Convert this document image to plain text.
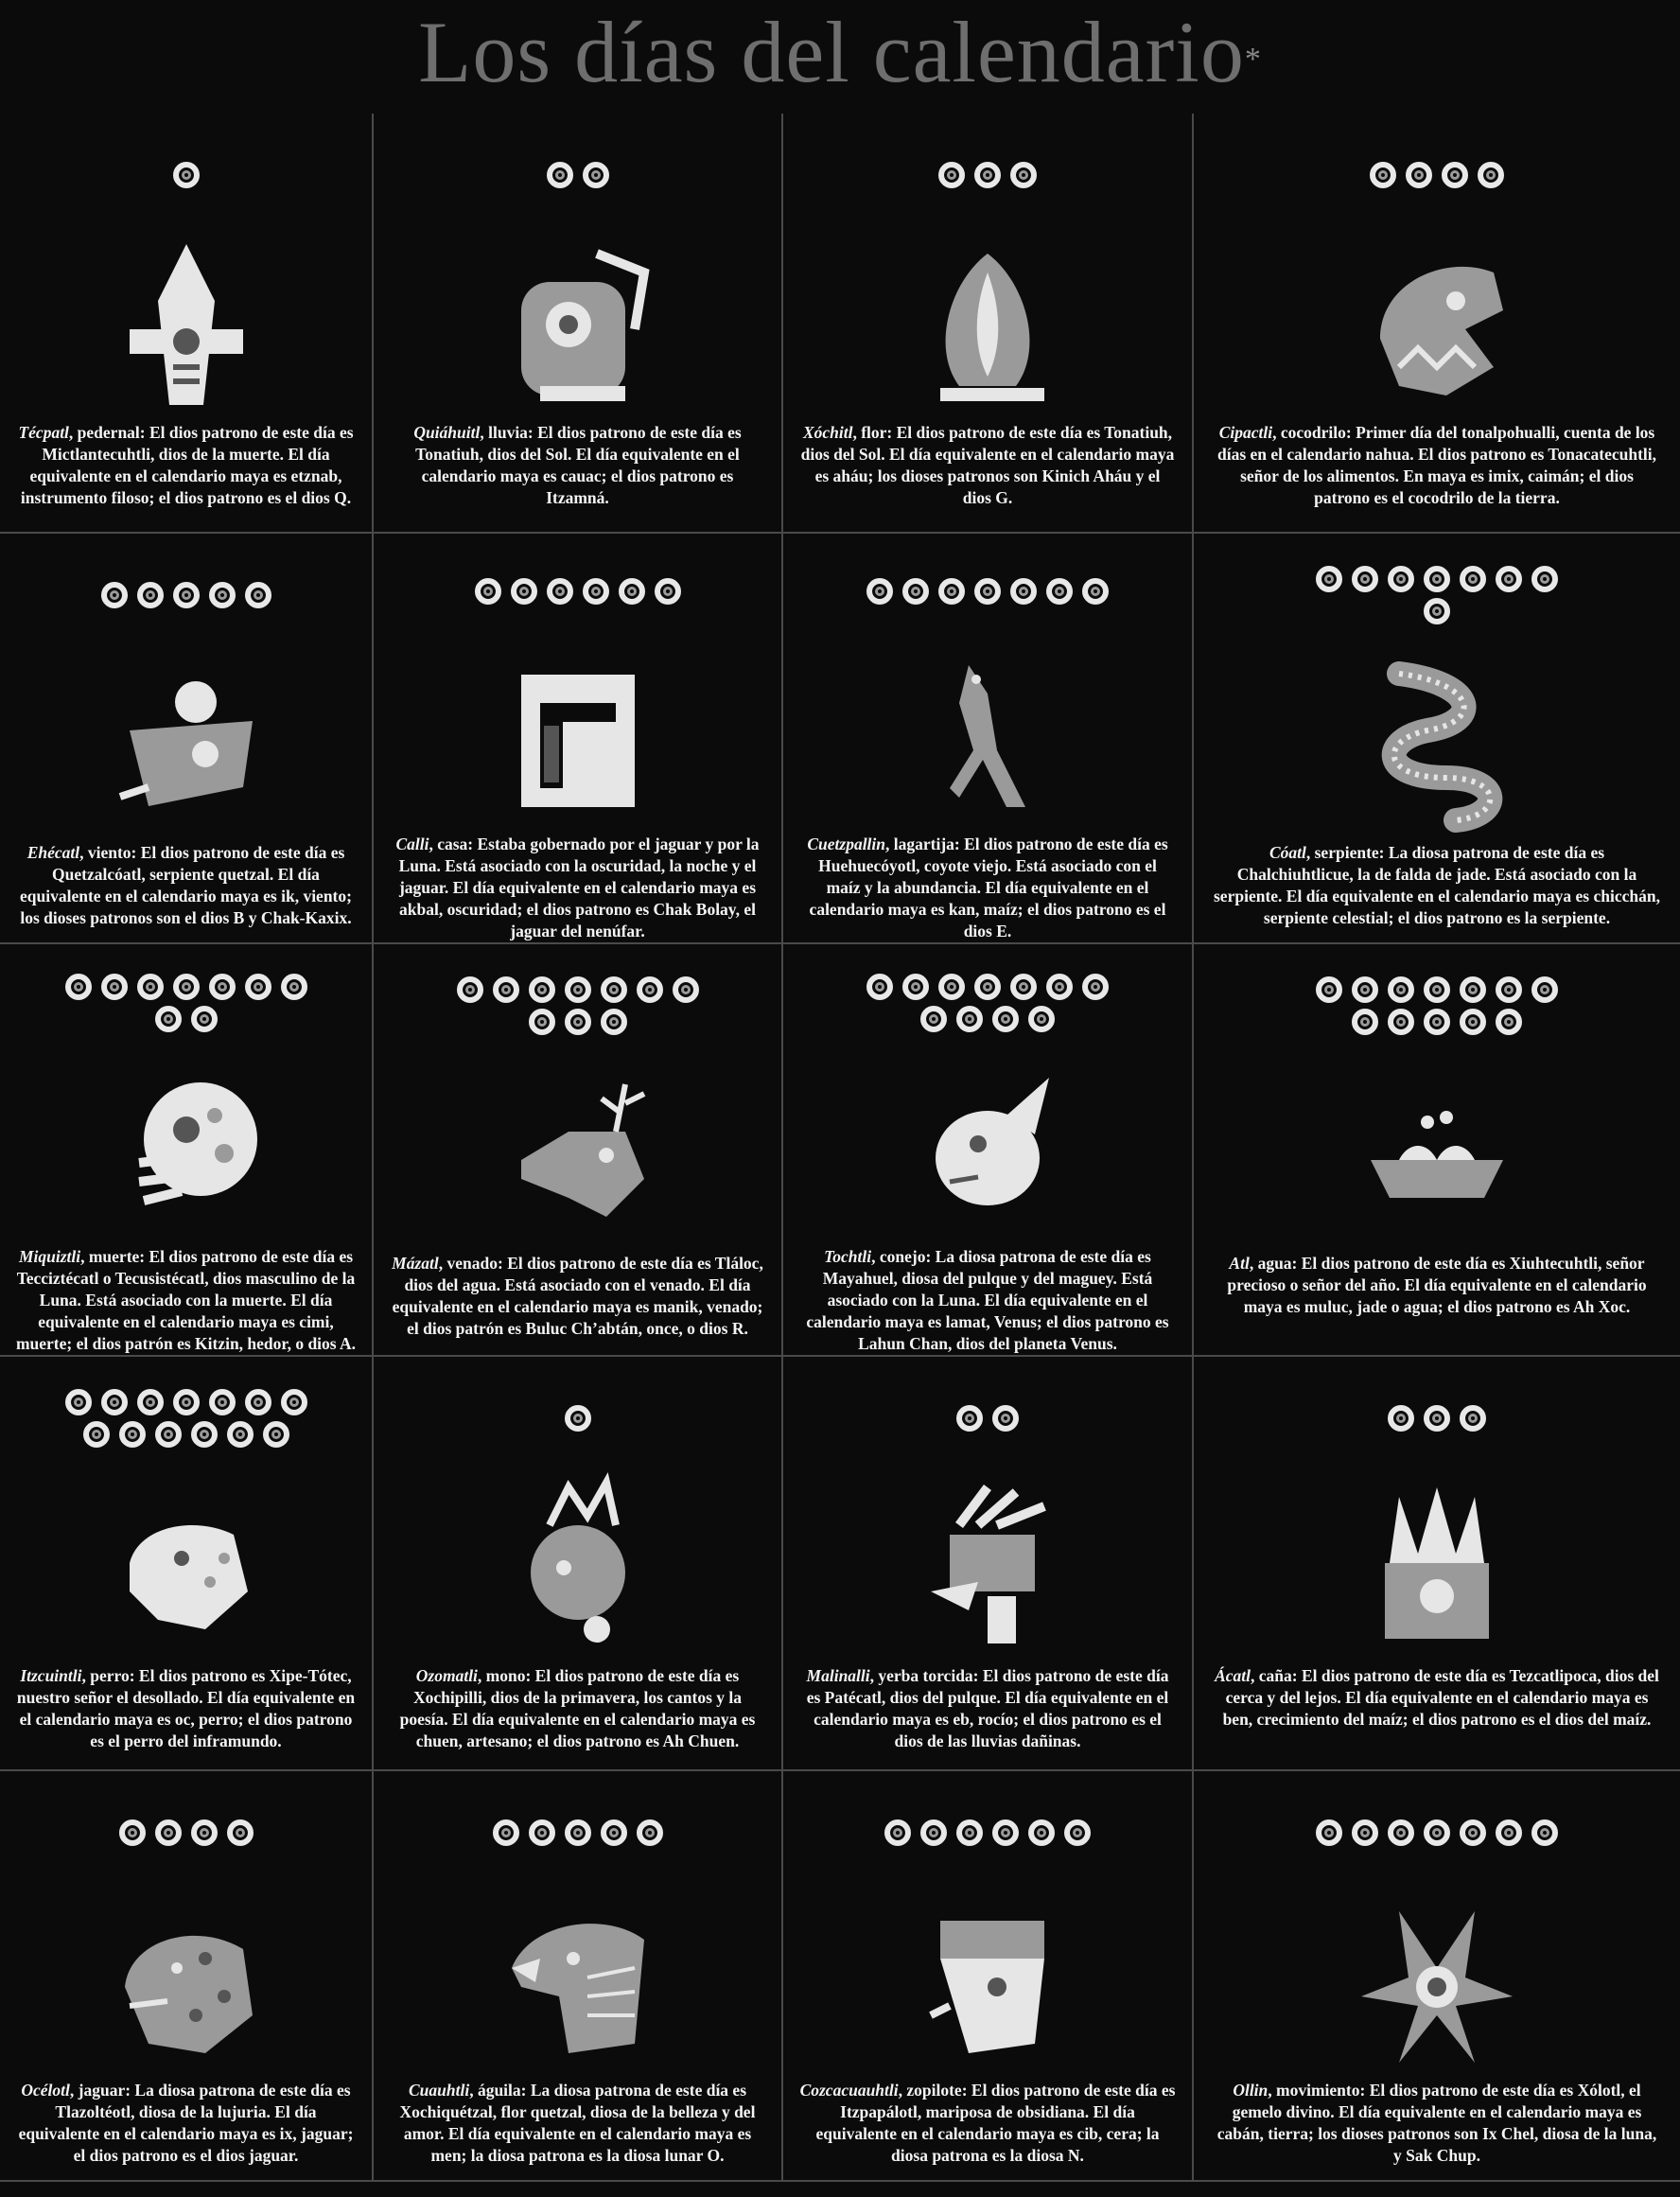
Los días del calendario*
Técpatl, pedernal: El dios patrono de este día es Mictlantecuhtli, dios de la muerte. El día equivalente en el calendario maya es etznab, instrumento filoso; el dios patrono es el dios Q.
Quiáhuitl, lluvia: El dios patrono de este día es Tonatiuh, dios del Sol. El día equivalente en el calendario maya es cauac; el dios patrono es Itzamná.
Xóchitl, flor: El dios patrono de este día es Tonatiuh, dios del Sol. El día equivalente en el calendario maya es aháu; los dioses patronos son Kinich Aháu y el dios G.
Cipactli, cocodrilo: Primer día del tonalpohualli, cuenta de los días en el calendario nahua. El dios patrono es Tonacatecuhtli, señor de los alimentos. En maya es imix, caimán; el dios patrono es el cocodrilo de la tierra.
Ehécatl, viento: El dios patrono de este día es Quetzalcóatl, serpiente quetzal. El día equivalente en el calendario maya es ik, viento; los dioses patronos son el dios B y Chak-Kaxix.
Calli, casa: Estaba gobernado por el jaguar y por la Luna. Está asociado con la oscuridad, la noche y el jaguar. El día equivalente en el calendario maya es akbal, oscuridad; el dios patrono es Chak Bolay, el jaguar del nenúfar.
Cuetzpallin, lagartija: El dios patrono de este día es Huehuecóyotl, coyote viejo. Está asociado con el maíz y la abundancia. El día equivalente en el calendario maya es kan, maíz; el dios patrono es el dios E.
Cóatl, serpiente: La diosa patrona de este día es Chalchiuhtlicue, la de falda de jade. Está asociado con la serpiente. El día equivalente en el calendario maya es chicchán, serpiente celestial; el dios patrono es la serpiente.
Miquiztli, muerte: El dios patrono de este día es Tecciztécatl o Tecusistécatl, dios masculino de la Luna. Está asociado con la muerte. El día equivalente en el calendario maya es cimi, muerte; el dios patrón es Kitzin, hedor, o dios A.
Mázatl, venado: El dios patrono de este día es Tláloc, dios del agua. Está asociado con el venado. El día equivalente en el calendario maya es manik, venado; el dios patrón es Buluc Ch’abtán, once, o dios R.
Tochtli, conejo: La diosa patrona de este día es Mayahuel, diosa del pulque y del maguey. Está asociado con la Luna. El día equivalente en el calendario maya es lamat, Venus; el dios patrono es Lahun Chan, dios del planeta Venus.
Atl, agua: El dios patrono de este día es Xiuhtecuhtli, señor precioso o señor del año. El día equivalente en el calendario maya es muluc, jade o agua; el dios patrono es Ah Xoc.
Itzcuintli, perro: El dios patrono es Xipe-Tótec, nuestro señor el desollado. El día equivalente en el calendario maya es oc, perro; el dios patrono es el perro del inframundo.
Ozomatli, mono: El dios patrono de este día es Xochipilli, dios de la primavera, los cantos y la poesía. El día equivalente en el calendario maya es chuen, artesano; el dios patrono es Ah Chuen.
Malinalli, yerba torcida: El dios patrono de este día es Patécatl, dios del pulque. El día equivalente en el calendario maya es eb, rocío; el dios patrono es el dios de las lluvias dañinas.
Ácatl, caña: El dios patrono de este día es Tezcatlipoca, dios del cerca y del lejos. El día equivalente en el calendario maya es ben, crecimiento del maíz; el dios patrono es el dios del maíz.
Océlotl, jaguar: La diosa patrona de este día es Tlazoltéotl, diosa de la lujuria. El día equivalente en el calendario maya es ix, jaguar; el dios patrono es el dios jaguar.
Cuauhtli, águila: La diosa patrona de este día es Xochiquétzal, flor quetzal, diosa de la belleza y del amor. El día equivalente en el calendario maya es men; la diosa patrona es la diosa lunar O.
Cozcacuauhtli, zopilote: El dios patrono de este día es Itzpapálotl, mariposa de obsidiana. El día equivalente en el calendario maya es cib, cera; la diosa patrona es la diosa N.
Ollin, movimiento: El dios patrono de este día es Xólotl, el gemelo divino. El día equivalente en el calendario maya es cabán, tierra; los dioses patronos son Ix Chel, diosa de la luna, y Sak Chup.
